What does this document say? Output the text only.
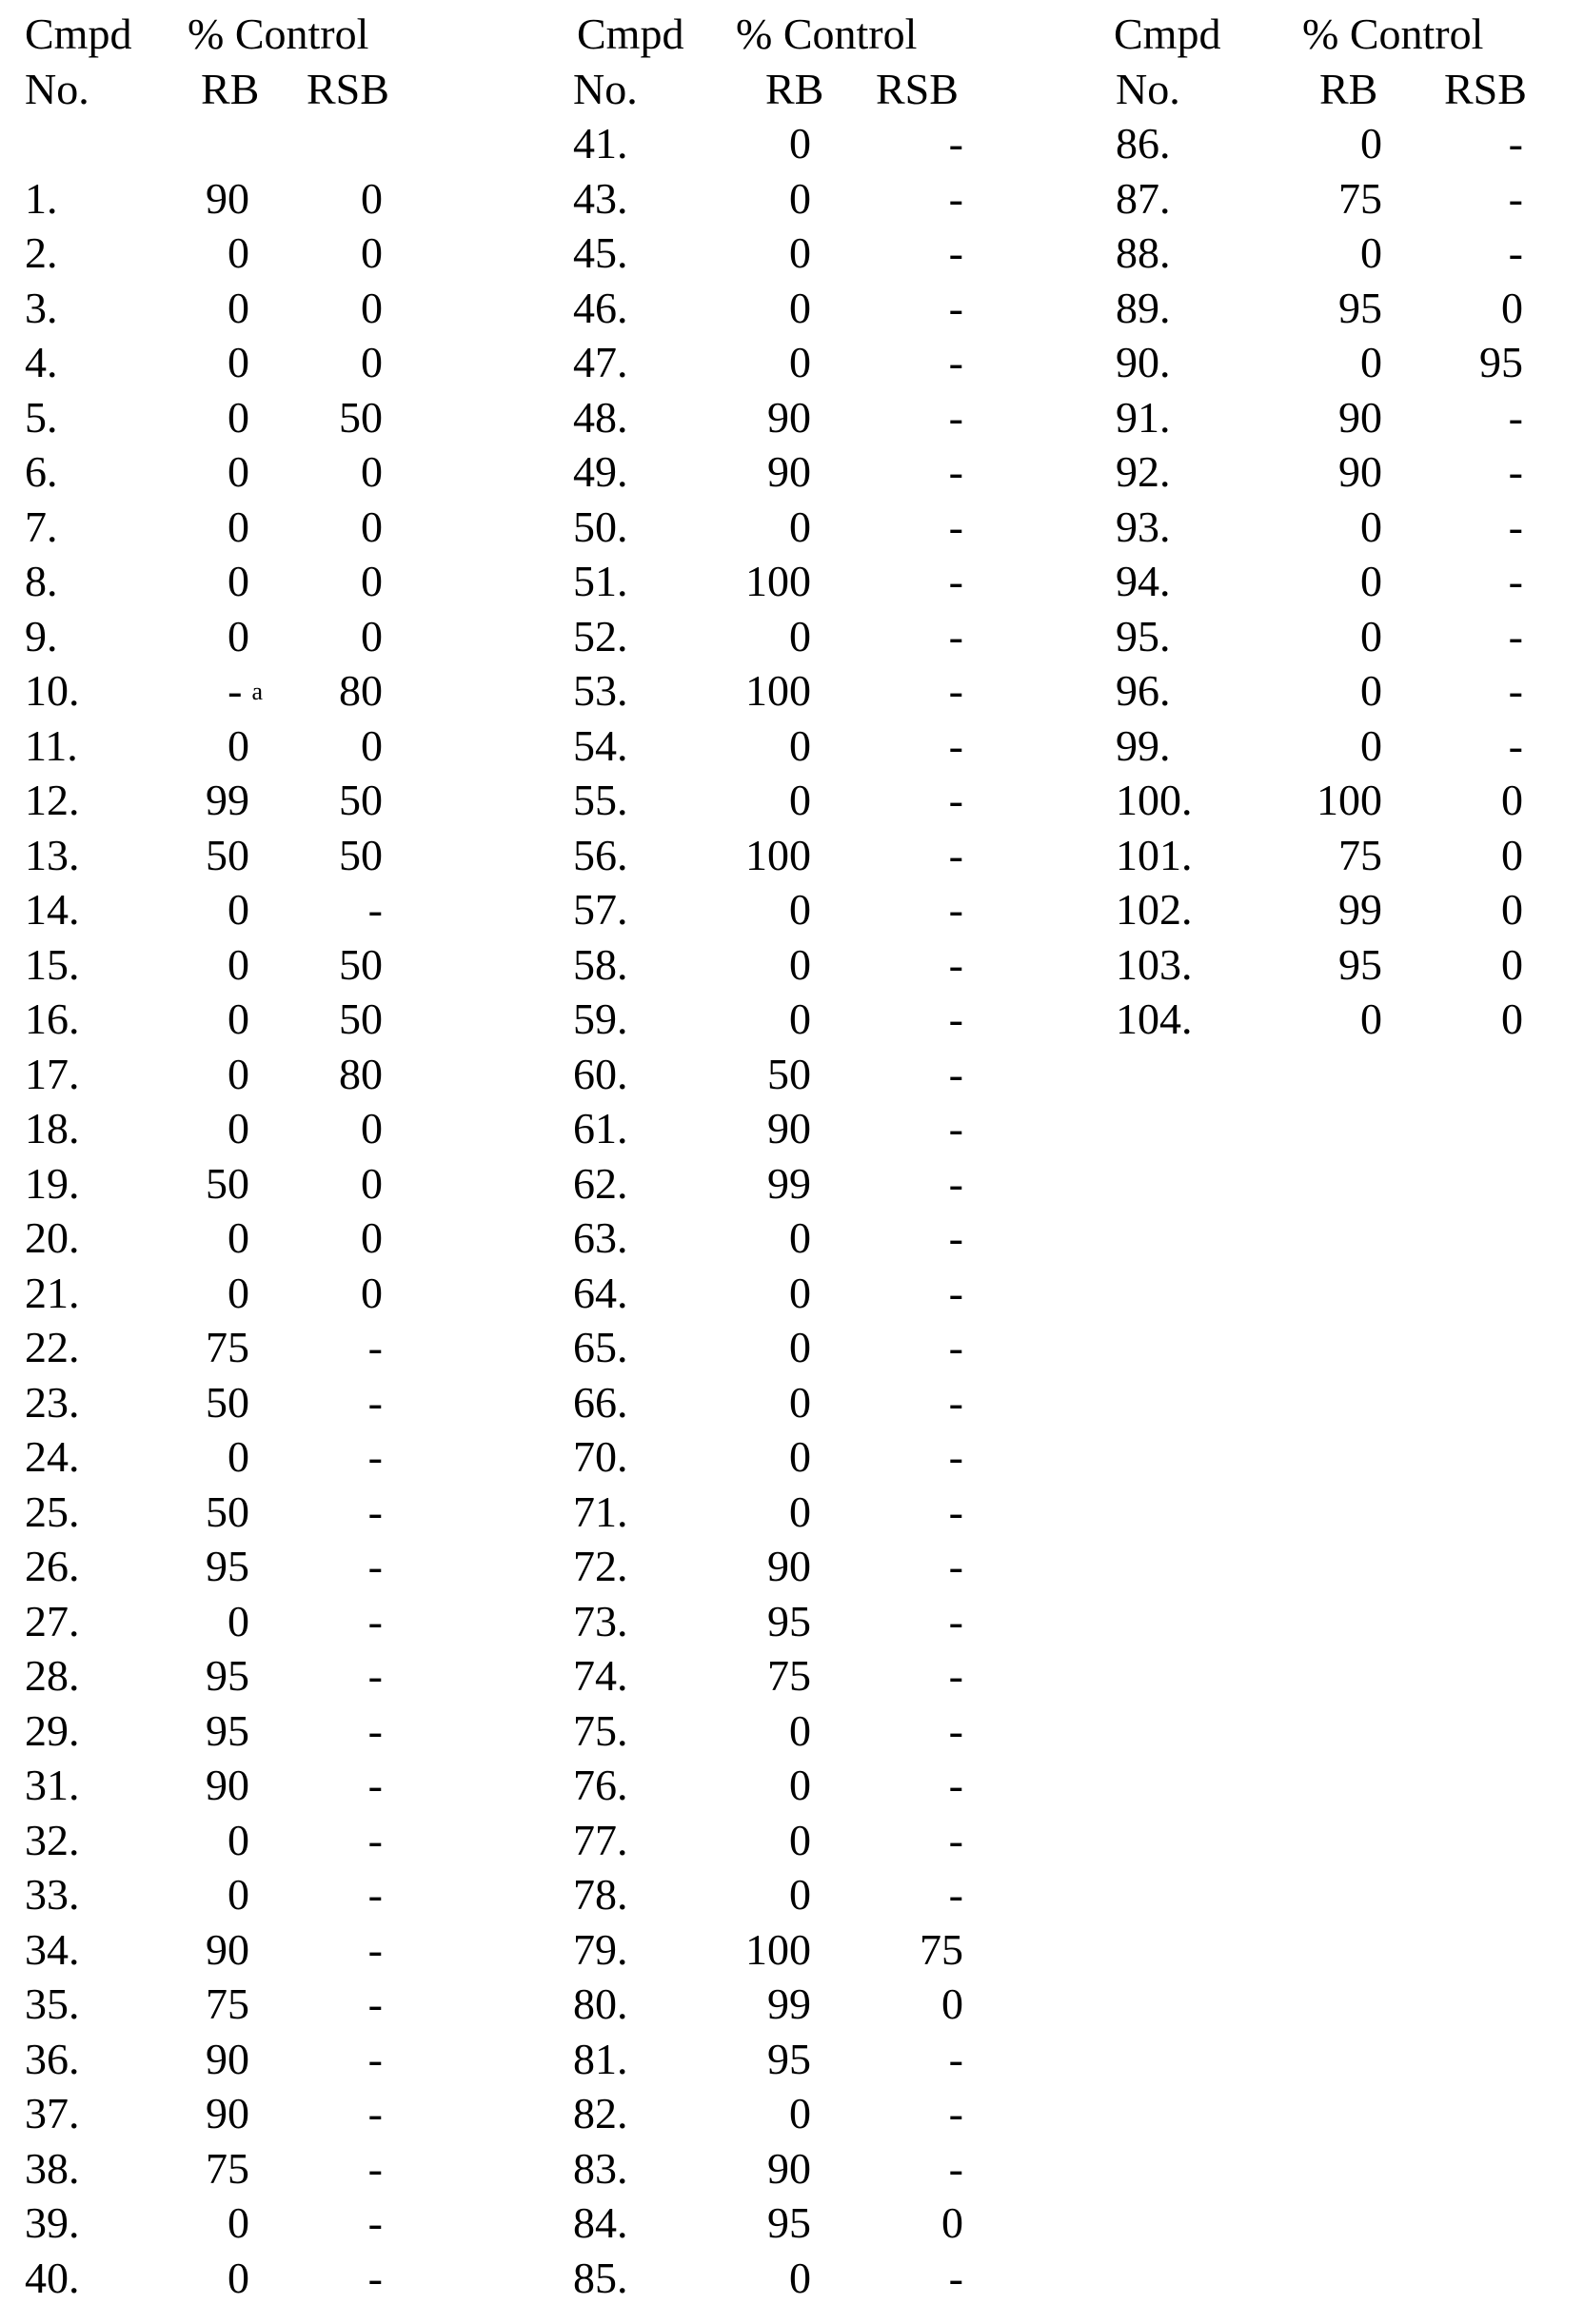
Cmpd % Control
No.	RB RSB
1.	90	0
2.	0	0
3.	0	0
4.	0	0
5.	0 50
6.	0	0
7.	0	0
8.	0	0
9.	0	0
10.	- a 80
11.	0	0
12.	99 50
13.	50 50
14.	0	-
15.	0 50
16.	0 50
17.	0 80
18.	0	0
19.	50	0
20.	0	0
21.	0	0
22.	75	-
23.	50	-
24.	0	-
25.	50	-
26.	95	-
27.	0	-
28.	95	-
29.	95	-
31.	90	-
32.	0	-
33.	0	-
34.	90	-
35.	75	-
36.	90	-
37.	90	-
38.	75	-
39.	0	-
40.	0	-
Cmpd % Control
No.	RB RSB
41.	0	-
43.	0	-
45.	0	-
46.	0	-
47.	0	-
48.	90	-
49.	90	-
50.	0	-
51.	100	-
52.	0	-
53.	100	-
54.	0	-
55.	0	-
56.	100	-
57.	0	-
58.	0	-
59.	0	-
60.	50	-
61.	90	-
62.	99	-
63.	0	-
64.	0	-
65.	0	-
66.	0	-
70.	0	-
71.	0	-
72.	90	-
73.	95	-
74.	75	-
75.	0	-
76.	0	-
77.	0	-
78.	0	-
79.	100 75
80.	99	0
81.	95	-
82.	0	-
83.	90	-
84.	95	0
85.	0	-
Cmpd % Control
No.	RB RSB
86.	0	-
87.	75	-
88.	0	-
89.	95	0
90.	0 95
91.	90	-
92.	90	-
93.	0	-
94.	0	-
95.	0	-
96.	0	-
99.	0	-
100.	100	0
101.	75	0
102.	99	0
103.	95	0
104.	0	0
